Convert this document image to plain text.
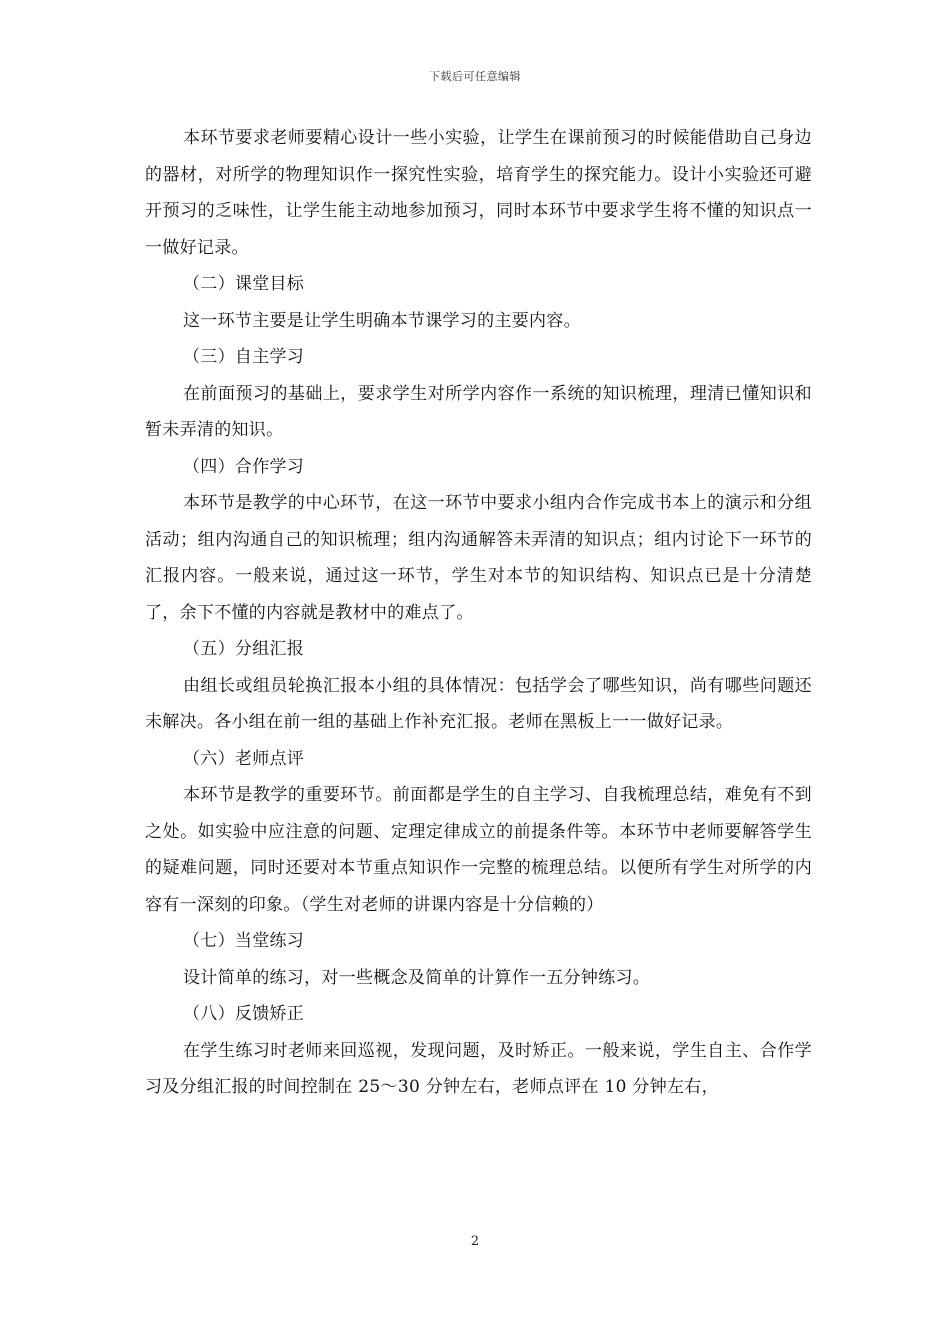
下载后可任意编辑

本环节要求老师要精心设计一些小实验，让学生在课前预习的时候能借助自己身边的器材，对所学的物理知识作一探究性实验，培育学生的探究能力。设计小实验还可避开预习的乏味性，让学生能主动地参加预习，同时本环节中要求学生将不懂的知识点一一做好记录。

（二）课堂目标

这一环节主要是让学生明确本节课学习的主要内容。

（三）自主学习

在前面预习的基础上，要求学生对所学内容作一系统的知识梳理，理清已懂知识和暂未弄清的知识。

（四）合作学习

本环节是教学的中心环节，在这一环节中要求小组内合作完成书本上的演示和分组活动；组内沟通自己的知识梳理；组内沟通解答未弄清的知识点；组内讨论下一环节的汇报内容。一般来说，通过这一环节，学生对本节的知识结构、知识点已是十分清楚了，余下不懂的内容就是教材中的难点了。

（五）分组汇报

由组长或组员轮换汇报本小组的具体情况：包括学会了哪些知识，尚有哪些问题还未解决。各小组在前一组的基础上作补充汇报。老师在黑板上一一做好记录。

（六）老师点评

本环节是教学的重要环节。前面都是学生的自主学习、自我梳理总结，难免有不到之处。如实验中应注意的问题、定理定律成立的前提条件等。本环节中老师要解答学生的疑难问题，同时还要对本节重点知识作一完整的梳理总结。以便所有学生对所学的内容有一深刻的印象。（学生对老师的讲课内容是十分信赖的）

（七）当堂练习

设计简单的练习，对一些概念及简单的计算作一五分钟练习。

（八）反馈矫正

在学生练习时老师来回巡视，发现问题，及时矫正。一般来说，学生自主、合作学习及分组汇报的时间控制在 25～30 分钟左右，老师点评在 10 分钟左右，

2
